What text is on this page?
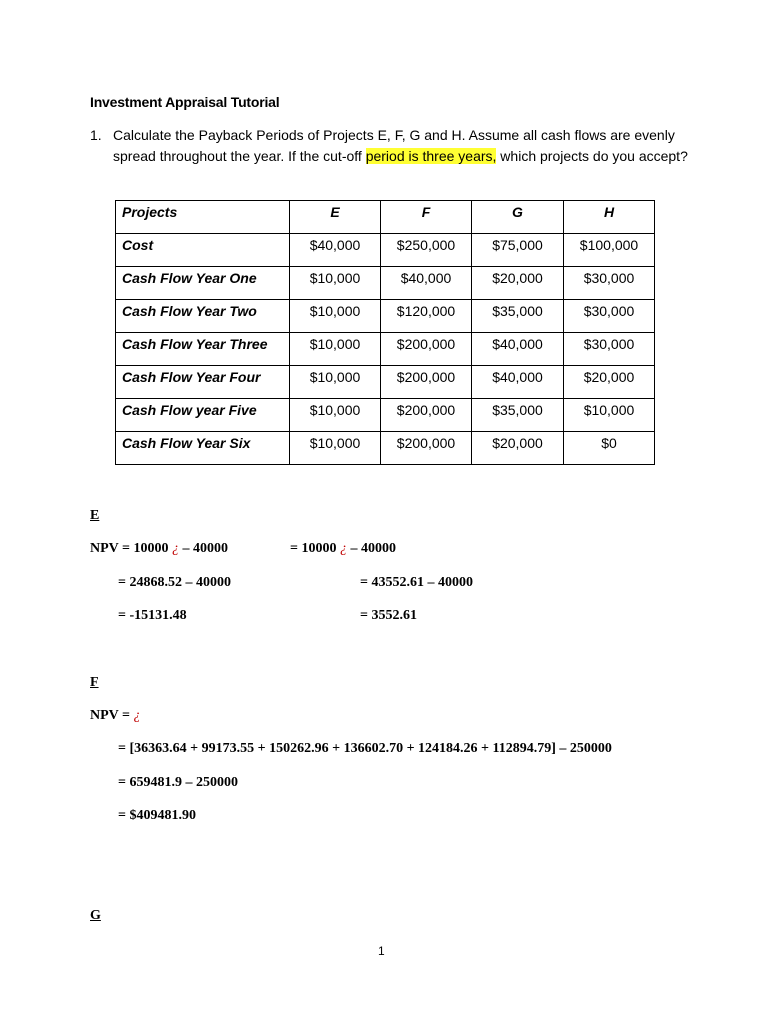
Investment Appraisal Tutorial
1. Calculate the Payback Periods of Projects E, F, G and H. Assume all cash flows are evenly spread throughout the year. If the cut-off period is three years, which projects do you accept?
Projects	E	F	G	H
Cost	$40,000	$250,000	$75,000	$100,000
Cash Flow Year One	$10,000	$40,000	$20,000	$30,000
Cash Flow Year Two	$10,000	$120,000	$35,000	$30,000
Cash Flow Year Three	$10,000	$200,000	$40,000	$30,000
Cash Flow Year Four	$10,000	$200,000	$40,000	$20,000
Cash Flow year Five	$10,000	$200,000	$35,000	$10,000
Cash Flow Year Six	$10,000	$200,000	$20,000	$0
E
NPV = 10000 ¿ – 40000	= 10000 ¿ – 40000
= 24868.52 – 40000	= 43552.61 – 40000
= -15131.48	= 3552.61
F
NPV = ¿
= [36363.64 + 99173.55 + 150262.96 + 136602.70 + 124184.26 + 112894.79] – 250000
= 659481.9 – 250000
= $409481.90
G
1
